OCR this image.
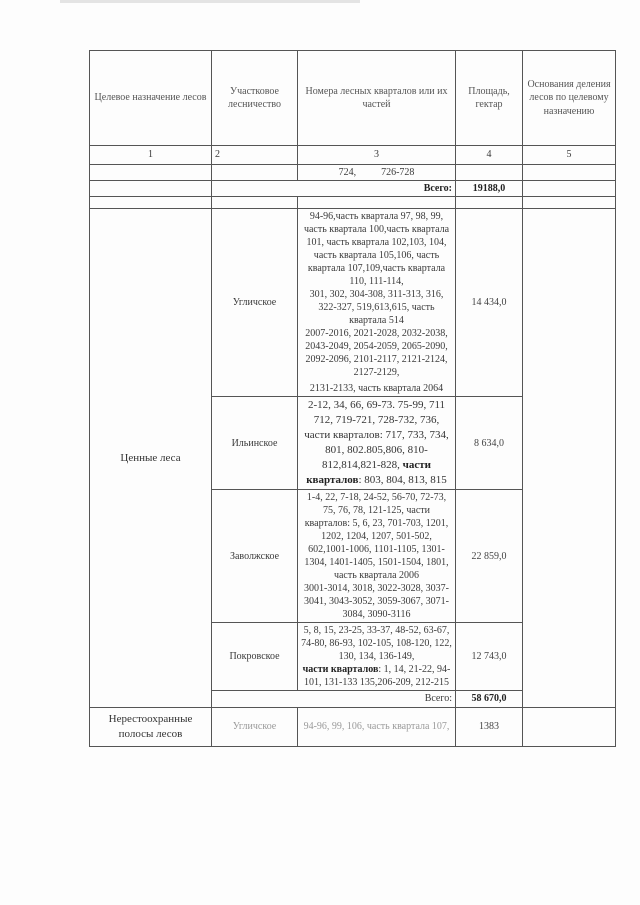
Целевое назначение лесов	Участковое лесничество	Номера лесных кварталов или их частей	Площадь, гектар	Основания деления лесов по целевому назначению
1	2	3	4	5
		724,          726-728		
	Всего:		19188,0	

Ценные леса	Угличское	94-96,часть квартала 97, 98, 99, часть квартала 100,часть квартала 101, часть квартала 102,103, 104, часть квартала 105,106, часть квартала 107,109,часть квартала 110, 111-114,
301, 302, 304-308, 311-313, 316, 322-327, 519,613,615, часть квартала 514
2007-2016, 2021-2028, 2032-2038, 2043-2049, 2054-2059, 2065-2090, 2092-2096, 2101-2117, 2121-2124, 2127-2129,
2131-2133, часть квартала 2064	14 434,0	
	Ильинское	2-12, 34, 66, 69-73. 75-99, 711 712, 719-721, 728-732, 736, части кварталов: 717, 733, 734, 801, 802.805,806, 810-812,814,821-828, части кварталов: 803, 804, 813, 815	8 634,0	
	Заволжское	1-4, 22, 7-18, 24-52, 56-70, 72-73, 75, 76, 78, 121-125, части
кварталов: 5, 6, 23, 701-703, 1201, 1202, 1204, 1207, 501-502, 602,1001-1006, 1101-1105, 1301-1304, 1401-1405, 1501-1504, 1801, часть квартала 2006
3001-3014, 3018, 3022-3028, 3037-3041, 3043-3052, 3059-3067, 3071-3084, 3090-3116	22 859,0	
	Покровское	5, 8, 15, 23-25, 33-37, 48-52, 63-67, 74-80, 86-93, 102-105, 108-120, 122, 130, 134, 136-149,
части кварталов: 1, 14, 21-22, 94-101, 131-133 135,206-209, 212-215	12 743,0	
	Всего:		58 670,0	
Нерестоохранные полосы лесов	Угличское	94-96, 99, 106, часть квартала 107,	1383	
